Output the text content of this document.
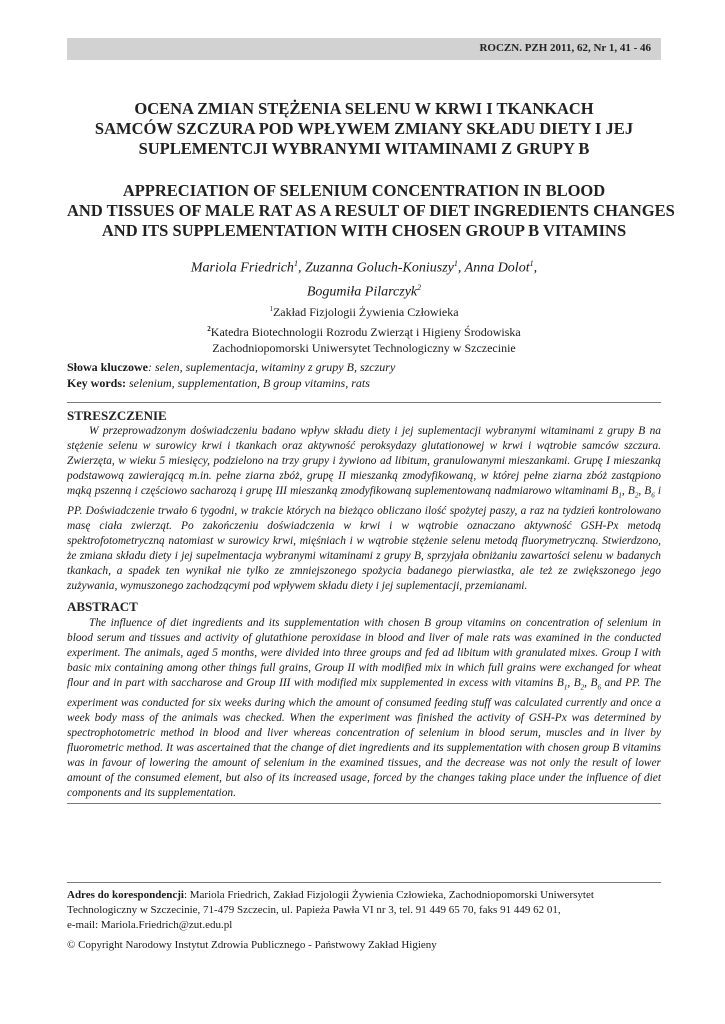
ROCZN. PZH 2011, 62, Nr 1, 41 - 46
OCENA ZMIAN STĘŻENIA SELENU W KRWI I TKANKACH
SAMCÓW SZCZURA POD WPŁYWEM ZMIANY SKŁADU DIETY I JEJ
SUPLEMENTCJI WYBRANYMI WITAMINAMI Z GRUPY B
APPRECIATION OF SELENIUM CONCENTRATION IN BLOOD
AND TISSUES OF MALE RAT AS A RESULT OF DIET INGREDIENTS CHANGES
AND ITS SUPPLEMENTATION WITH CHOSEN GROUP B VITAMINS
Mariola Friedrich$^1$, Zuzanna Goluch-Koniuszy$^1$, Anna Dolot$^1$,
Bogumiła Pilarczyk$^2$
$^1$Zakład Fizjologii Żywienia Człowieka
$^2$Katedra Biotechnologii Rozrodu Zwierząt i Higieny Środowiska
Zachodniopomorski Uniwersytet Technologiczny w Szczecinie
Słowa kluczowe: selen, suplementacja, witaminy z grupy B, szczury
Key words: selenium, supplementation, B group vitamins, rats
STRESZCZENIE
W przeprowadzonym doświadczeniu badano wpływ składu diety i jej suplementacji wybranymi witaminami z grupy B na stężenie selenu w surowicy krwi i tkankach oraz aktywność peroksydazy glutationowej w krwi i wątrobie samców szczura. Zwierzęta, w wieku 5 miesięcy, podzielono na trzy grupy i żywiono ad libitum, granulowanymi mieszankami. Grupę I mieszanką podstawową zawierającą m.in. pełne ziarna zbóż, grupę II mieszanką zmodyfikowaną, w której pełne ziarna zbóż zastąpiono mąką pszenną i częściowo sacharozą i grupę III mieszanką zmodyfikowaną suplementowaną nadmiarowo witaminami $B_1$, $B_2$, $B_6$ i PP. Doświadczenie trwało 6 tygodni, w trakcie których na bieżąco obliczano ilość spożytej paszy, a raz na tydzień kontrolowano masę ciała zwierząt. Po zakończeniu doświadczenia w krwi i w wątrobie oznaczano aktywność GSH-Px metodą spektrofotometryczną natomiast w surowicy krwi, mięśniach i w wątrobie stężenie selenu metodą fluorymetryczną. Stwierdzono, że zmiana składu diety i jej supelmentacja wybranymi witaminami z grupy B, sprzyjała obniżaniu zawartości selenu w badanych tkankach, a spadek ten wynikał nie tylko ze zmniejszonego spożycia badanego pierwiastka, ale też ze zwiększonego jego zużywania, wymuszonego zachodzącymi pod wpływem składu diety i jej suplementacji, przemianami.
ABSTRACT
The influence of diet ingredients and its supplementation with chosen B group vitamins on concentration of selenium in blood serum and tissues and activity of glutathione peroxidase in blood and liver of male rats was examined in the conducted experiment. The animals, aged 5 months, were divided into three groups and fed ad libitum with granulated mixes. Group I with basic mix containing among other things full grains, Group II with modified mix in which full grains were exchanged for wheat flour and in part with saccharose and Group III with modified mix supplemented in excess with vitamins $B_1$, $B_2$, $B_6$ and PP. The experiment was conducted for six weeks during which the amount of consumed feeding stuff was calculated currently and once a week body mass of the animals was checked. When the experiment was finished the activity of GSH-Px was determined by spectrophotometric method in blood and liver whereas concentration of selenium in blood serum, muscles and in liver by fluorometric method. It was ascertained that the change of diet ingredients and its supplementation with chosen group B vitamins was in favour of lowering the amount of selenium in the examined tissues, and the decrease was not only the result of lower amount of the consumed element, but also of its increased usage, forced by the changes taking place under the influence of diet components and its supplementation.
Adres do korespondencji: Mariola Friedrich, Zakład Fizjologii Żywienia Człowieka, Zachodniopomorski Uniwersytet
Technologiczny w Szczecinie, 71-479 Szczecin, ul. Papieża Pawła VI nr 3, tel. 91 449 65 70, faks 91 449 62 01,
e-mail: Mariola.Friedrich@zut.edu.pl
© Copyright Narodowy Instytut Zdrowia Publicznego - Państwowy Zakład Higieny
